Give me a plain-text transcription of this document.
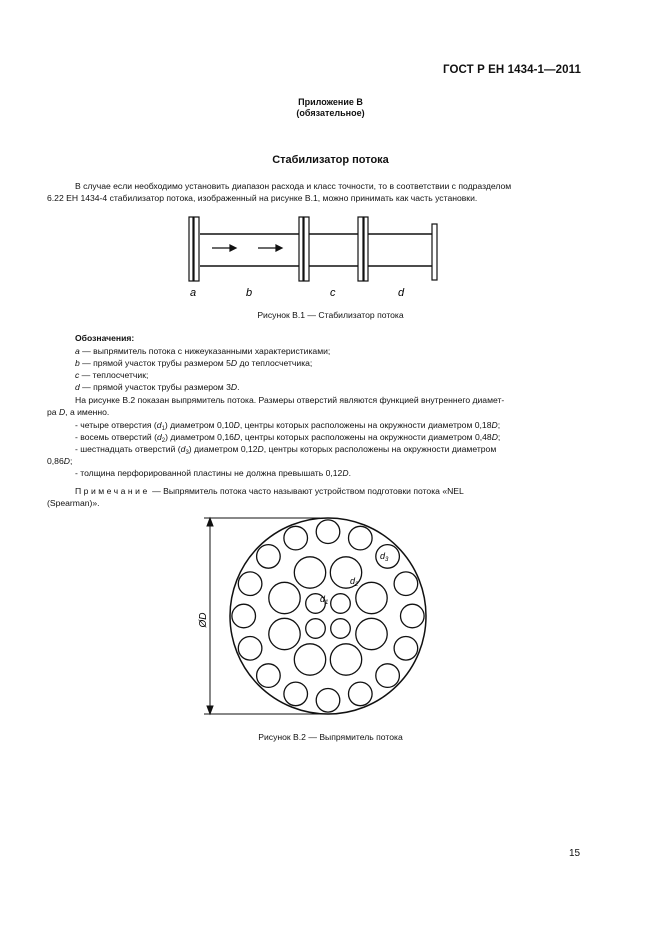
ГОСТ Р ЕН 1434-1—2011
Приложение B
(обязательное)
Стабилизатор потока
В случае если необходимо установить диапазон расхода и класс точности, то в соответствии с подразделом
6.22 ЕН 1434-4 стабилизатор потока, изображенный на рисунке B.1, можно принимать как часть установки.
a	b	c	d
Рисунок B.1 — Стабилизатор потока
Обозначения:
a — выпрямитель потока с нижеуказанными характеристиками;
b — прямой участок трубы размером 5D до теплосчетчика;
c — теплосчетчик;
d — прямой участок трубы размером 3D.
На рисунке B.2 показан выпрямитель потока. Размеры отверстий являются функцией внутреннего диамет-
ра D, а именно.
- четыре отверстия $(d_1)$ диаметром 0,10D, центры которых расположены на окружности диаметром 0,18D;
- восемь отверстий $(d_2)$ диаметром 0,16D, центры которых расположены на окружности диаметром 0,48D;
- шестнадцать отверстий $(d_3)$ диаметром 0,12D, центры которых расположены на окружности диаметром
0,86D;
- толщина перфорированной пластины не должна превышать 0,12D.
Примечание — Выпрямитель потока часто называют устройством подготовки потока «NEL
(Spearman)».
ØD
$d_1$
$d_2$
$d_3$
Рисунок B.2 — Выпрямитель потока
15
